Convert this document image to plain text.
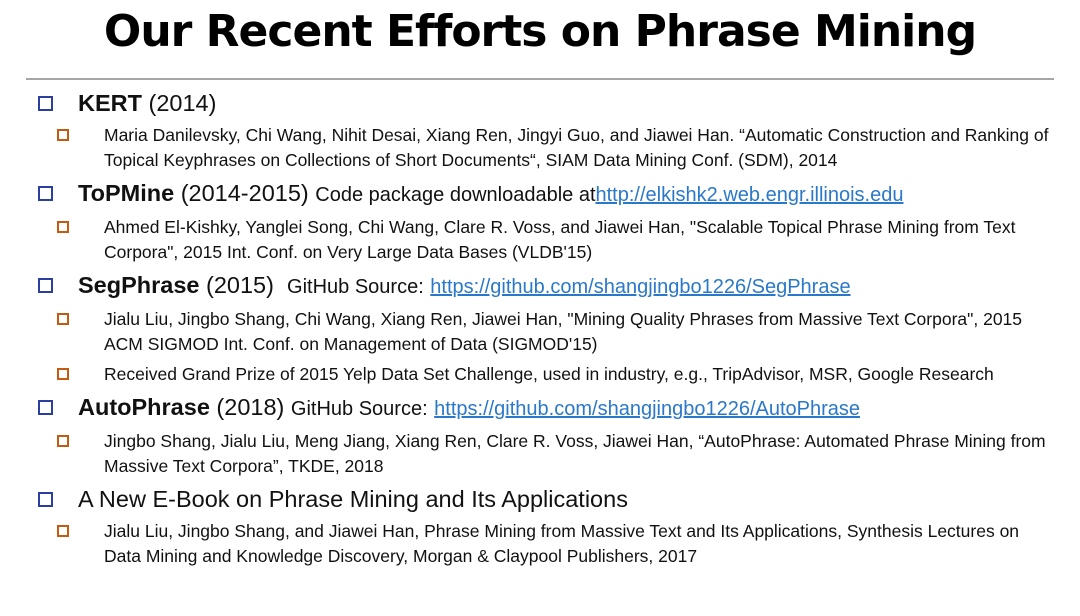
Our Recent Efforts on Phrase Mining
KERT (2014)
Maria Danilevsky, Chi Wang, Nihit Desai, Xiang Ren, Jingyi Guo, and Jiawei Han. “Automatic Construction and Ranking of Topical Keyphrases on Collections of Short Documents“, SIAM Data Mining Conf. (SDM), 2014
ToPMine (2014-2015) Code package downloadable athttp://elkishk2.web.engr.illinois.edu
Ahmed El-Kishky, Yanglei Song, Chi Wang, Clare R. Voss, and Jiawei Han, "Scalable Topical Phrase Mining from Text Corpora", 2015 Int. Conf. on Very Large Data Bases (VLDB'15)
SegPhrase (2015) GitHub Source: https://github.com/shangjingbo1226/SegPhrase
Jialu Liu, Jingbo Shang, Chi Wang, Xiang Ren, Jiawei Han, "Mining Quality Phrases from Massive Text Corpora", 2015 ACM SIGMOD Int. Conf. on Management of Data (SIGMOD'15)
Received Grand Prize of 2015 Yelp Data Set Challenge, used in industry, e.g., TripAdvisor, MSR, Google Research
AutoPhrase (2018) GitHub Source: https://github.com/shangjingbo1226/AutoPhrase
Jingbo Shang, Jialu Liu, Meng Jiang, Xiang Ren, Clare R. Voss, Jiawei Han, “AutoPhrase: Automated Phrase Mining from Massive Text Corpora”, TKDE, 2018
A New E-Book on Phrase Mining and Its Applications
Jialu Liu, Jingbo Shang, and Jiawei Han, Phrase Mining from Massive Text and Its Applications, Synthesis Lectures on Data Mining and Knowledge Discovery, Morgan & Claypool Publishers, 2017
